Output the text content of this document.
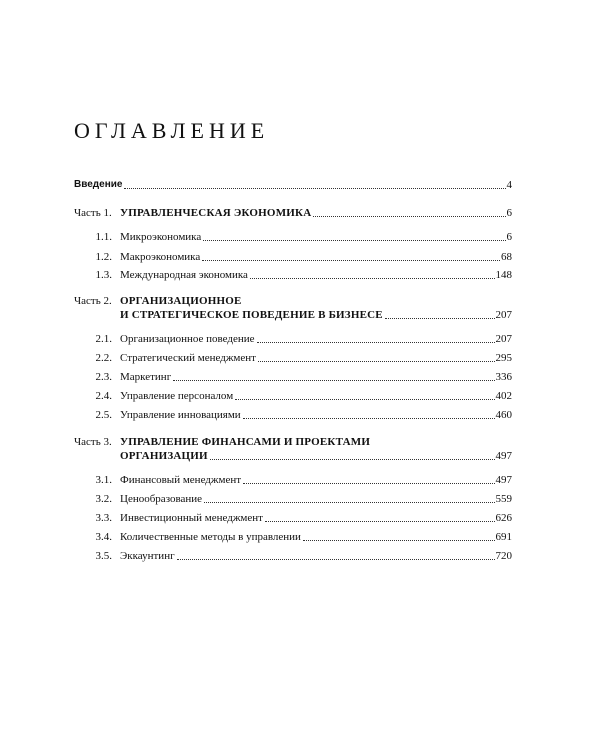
ОГЛАВЛЕНИЕ
Введение	4
Часть 1. УПРАВЛЕНЧЕСКАЯ ЭКОНОМИКА	6
1.1. Микроэкономика	6
1.2. Макроэкономика	68
1.3. Международная экономика	148
Часть 2. ОРГАНИЗАЦИОННОЕ
И СТРАТЕГИЧЕСКОЕ ПОВЕДЕНИЕ В БИЗНЕСЕ	207
2.1. Организационное поведение	207
2.2. Стратегический менеджмент	295
2.3. Маркетинг	336
2.4. Управление персоналом	402
2.5. Управление инновациями	460
Часть 3. УПРАВЛЕНИЕ ФИНАНСАМИ И ПРОЕКТАМИ
ОРГАНИЗАЦИИ	497
3.1. Финансовый менеджмент	497
3.2. Ценообразование	559
3.3. Инвестиционный менеджмент	626
3.4. Количественные методы в управлении	691
3.5. Эккаунтинг	720
